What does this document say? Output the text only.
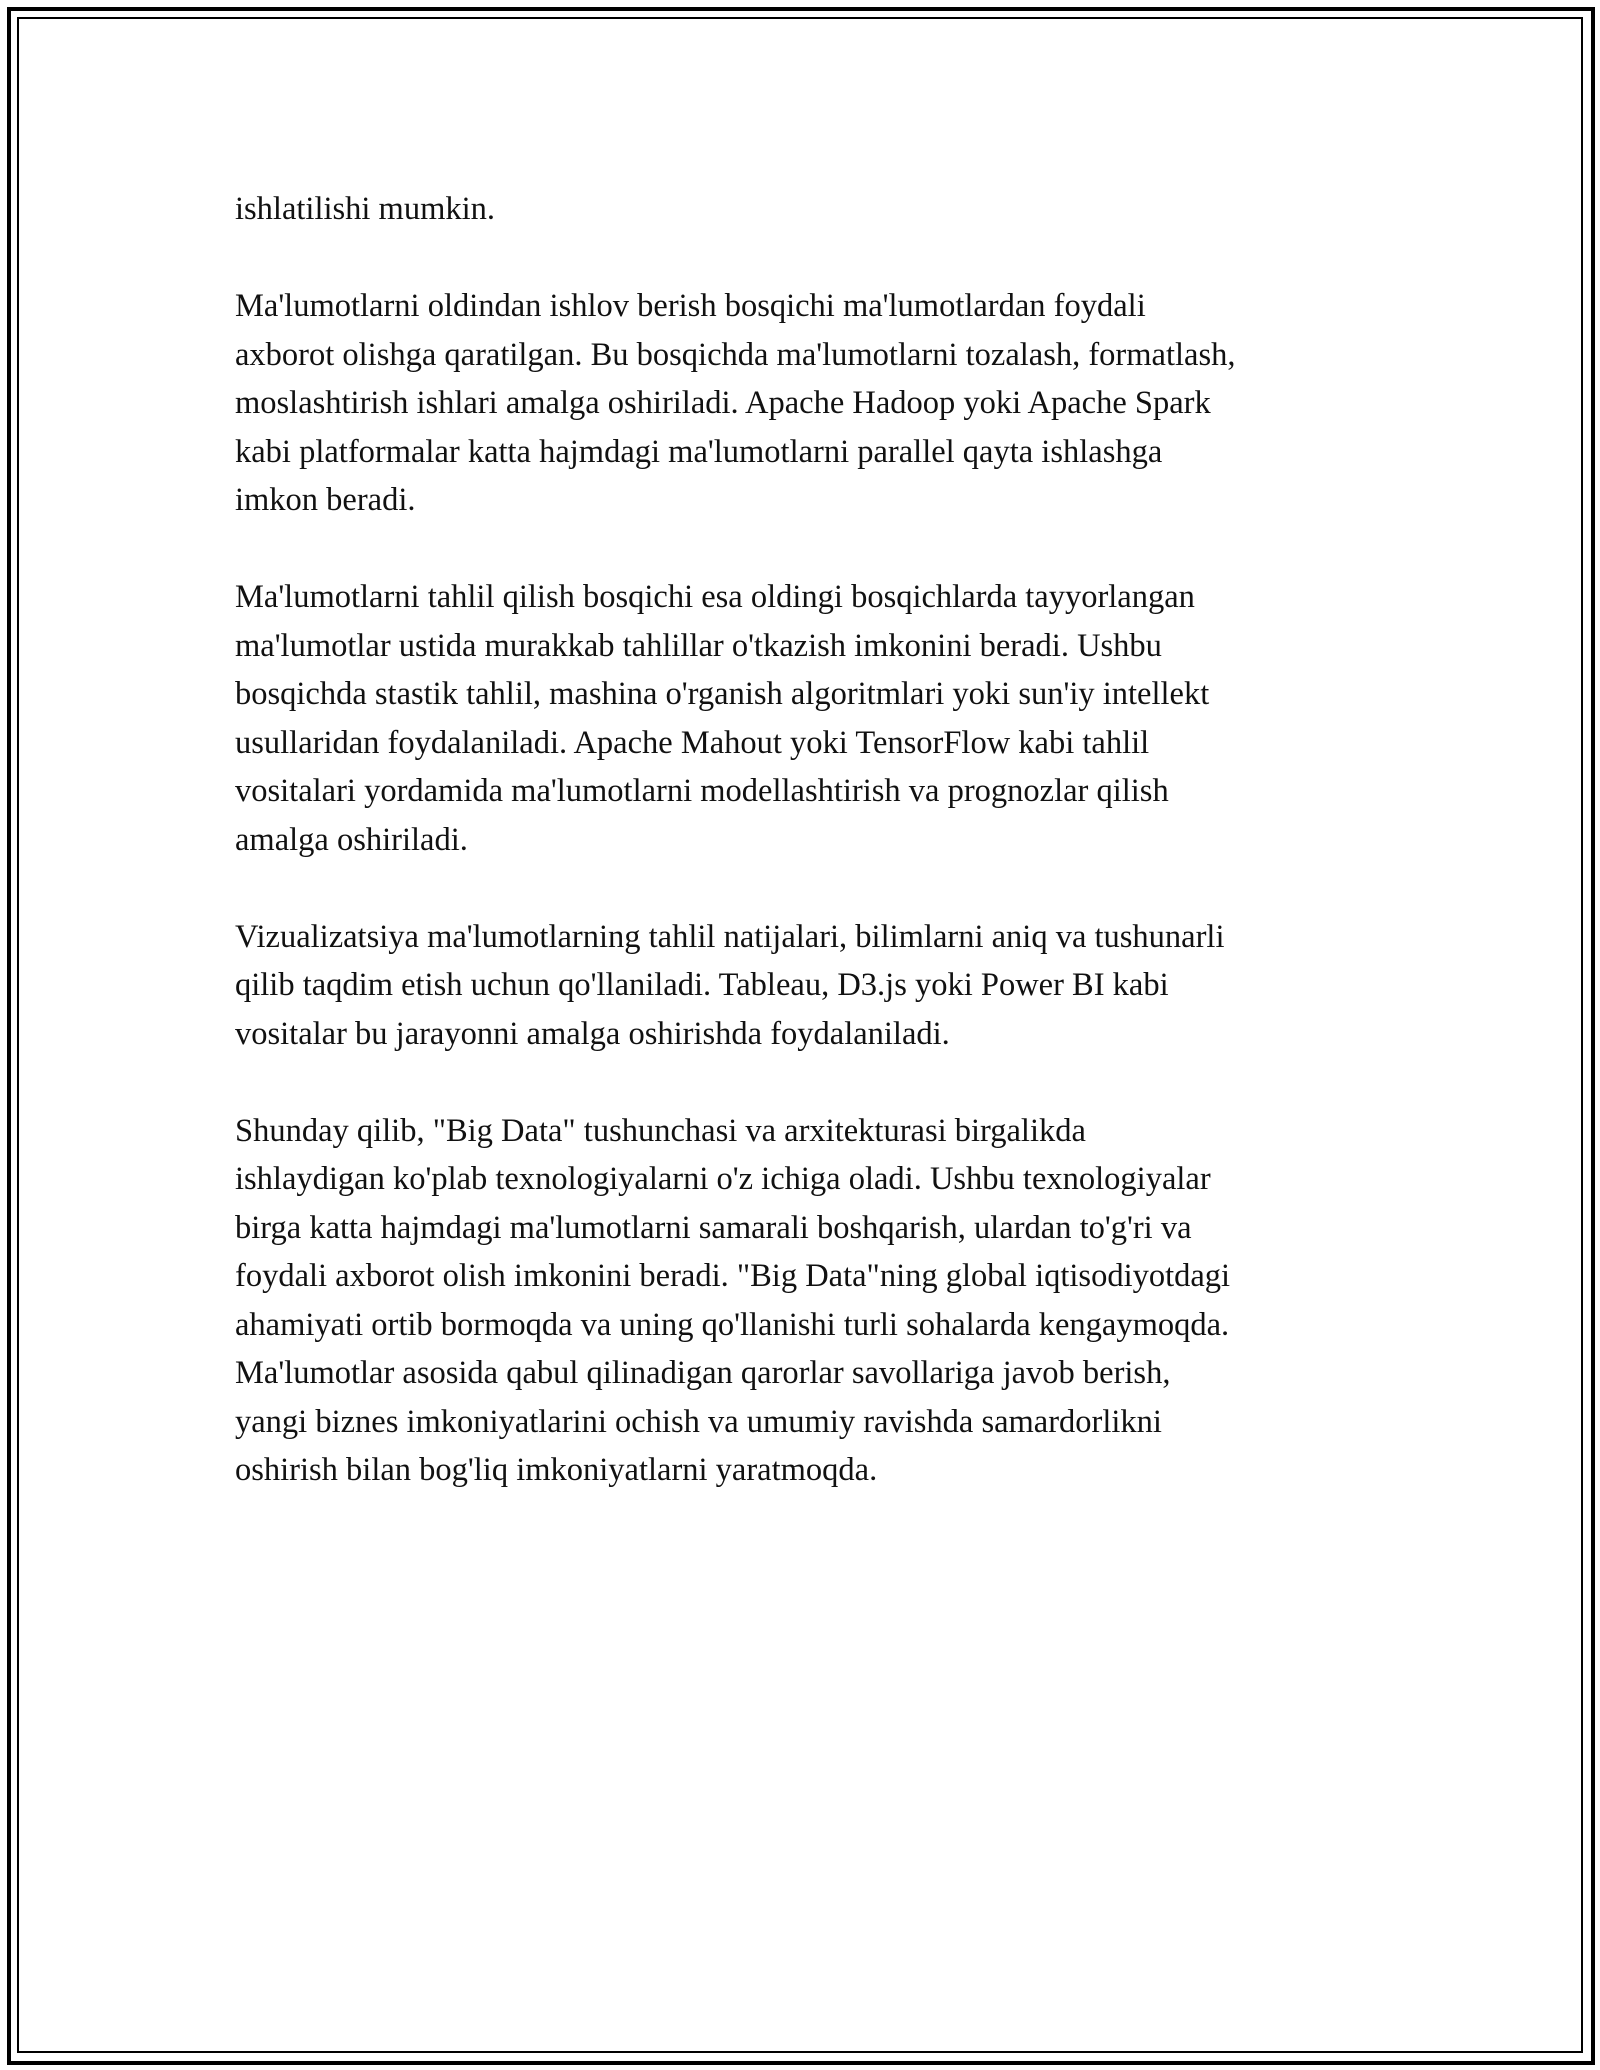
ishlatilishi mumkin.

Ma'lumotlarni oldindan ishlov berish bosqichi ma'lumotlardan foydali
axborot olishga qaratilgan. Bu bosqichda ma'lumotlarni tozalash, formatlash,
moslashtirish ishlari amalga oshiriladi. Apache Hadoop yoki Apache Spark
kabi platformalar katta hajmdagi ma'lumotlarni parallel qayta ishlashga
imkon beradi.

Ma'lumotlarni tahlil qilish bosqichi esa oldingi bosqichlarda tayyorlangan
ma'lumotlar ustida murakkab tahlillar o'tkazish imkonini beradi. Ushbu
bosqichda stastik tahlil, mashina o'rganish algoritmlari yoki sun'iy intellekt
usullaridan foydalaniladi. Apache Mahout yoki TensorFlow kabi tahlil
vositalari yordamida ma'lumotlarni modellashtirish va prognozlar qilish
amalga oshiriladi.

Vizualizatsiya ma'lumotlarning tahlil natijalari, bilimlarni aniq va tushunarli
qilib taqdim etish uchun qo'llaniladi. Tableau, D3.js yoki Power BI kabi
vositalar bu jarayonni amalga oshirishda foydalaniladi.

Shunday qilib, "Big Data" tushunchasi va arxitekturasi birgalikda
ishlaydigan ko'plab texnologiyalarni o'z ichiga oladi. Ushbu texnologiyalar
birga katta hajmdagi ma'lumotlarni samarali boshqarish, ulardan to'g'ri va
foydali axborot olish imkonini beradi. "Big Data"ning global iqtisodiyotdagi
ahamiyati ortib bormoqda va uning qo'llanishi turli sohalarda kengaymoqda.
Ma'lumotlar asosida qabul qilinadigan qarorlar savollariga javob berish,
yangi biznes imkoniyatlarini ochish va umumiy ravishda samardorlikni
oshirish bilan bog'liq imkoniyatlarni yaratmoqda.
